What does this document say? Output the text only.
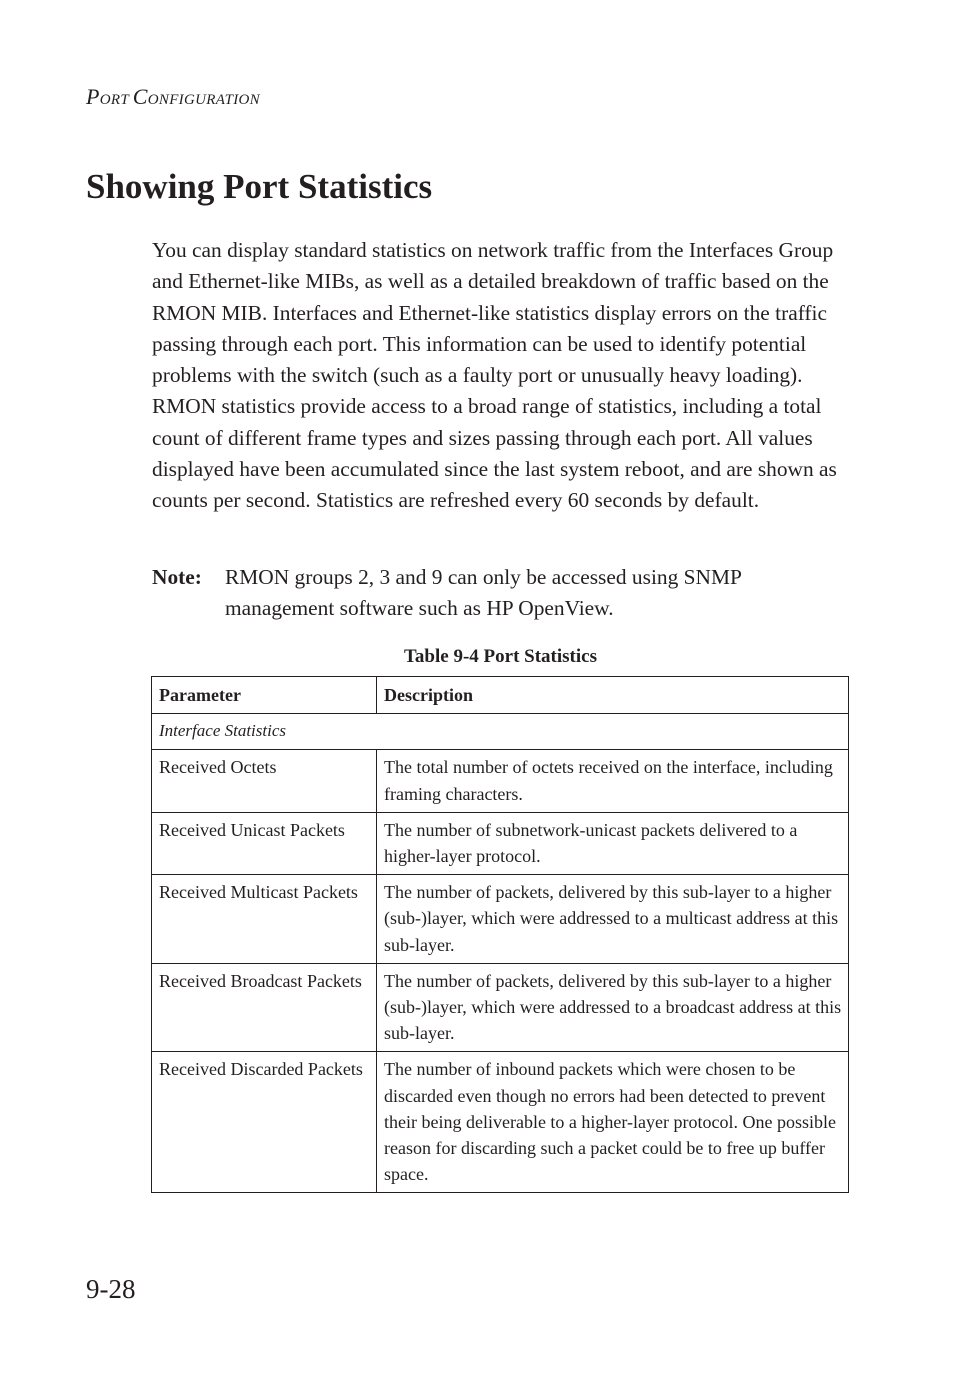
PORT CONFIGURATION
Showing Port Statistics

You can display standard statistics on network traffic from the Interfaces Group and Ethernet-like MIBs, as well as a detailed breakdown of traffic based on the RMON MIB. Interfaces and Ethernet-like statistics display errors on the traffic passing through each port. This information can be used to identify potential problems with the switch (such as a faulty port or unusually heavy loading). RMON statistics provide access to a broad range of statistics, including a total count of different frame types and sizes passing through each port. All values displayed have been accumulated since the last system reboot, and are shown as counts per second. Statistics are refreshed every 60 seconds by default.

Note: RMON groups 2, 3 and 9 can only be accessed using SNMP management software such as HP OpenView.
Table 9-4 Port Statistics
Parameter	Description
Interface Statistics	
Received Octets	The total number of octets received on the interface, including framing characters.
Received Unicast Packets	The number of subnetwork-unicast packets delivered to a higher-layer protocol.
Received Multicast Packets	The number of packets, delivered by this sub-layer to a higher (sub-)layer, which were addressed to a multicast address at this sub-layer.
Received Broadcast Packets	The number of packets, delivered by this sub-layer to a higher (sub-)layer, which were addressed to a broadcast address at this sub-layer.
Received Discarded Packets	The number of inbound packets which were chosen to be discarded even though no errors had been detected to prevent their being deliverable to a higher-layer protocol. One possible reason for discarding such a packet could be to free up buffer space.
9-28
